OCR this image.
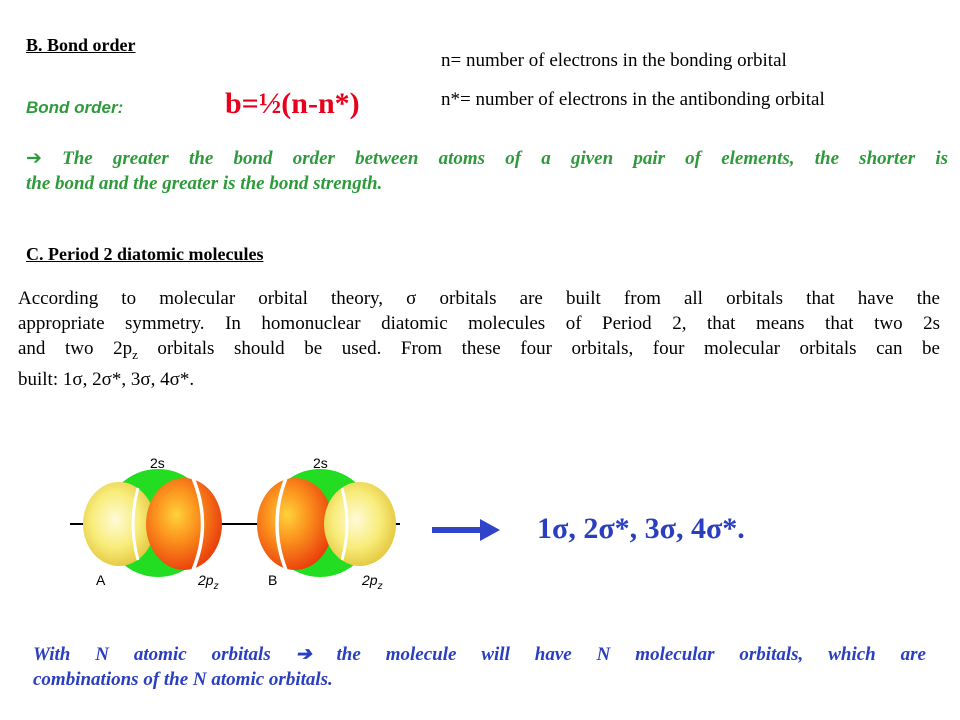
B. Bond order
n= number of electrons in the bonding orbital
n*= number of electrons in the antibonding orbital
Bond order:	b=½(n-n*)
➔ The greater the bond order between atoms of a given pair of elements, the shorter is
the bond and the greater is the bond strength.
C. Period 2 diatomic molecules
According to molecular orbital theory, σ orbitals are built from all orbitals that have the
appropriate symmetry. In homonuclear diatomic molecules of Period 2, that means that two 2s
and two $2p_z$ orbitals should be used. From these four orbitals, four molecular orbitals can be
built: 1σ, 2σ*, 3σ, 4σ*.
2s	2s
A	B
$2p_z$	$2p_z$
1σ, 2σ*, 3σ, 4σ*.
With N atomic orbitals ➔ the molecule will have N molecular orbitals, which are
combinations of the N atomic orbitals.
